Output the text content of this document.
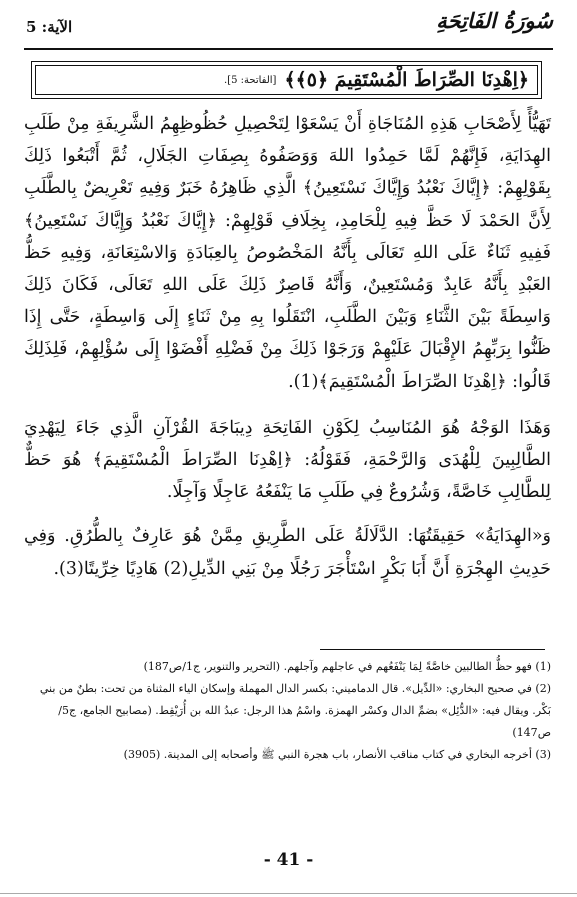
سُورَةُ الفَاتِحَةِ
الآية: 5
﴿اِهْدِنَا الصِّرَاطَ الْمُسْتَقِيمَ ﴿٥﴾﴾
[الفاتحة: 5].

تَهَيُّأً لِأَصْحَابِ هَذِهِ المُنَاجَاةِ أَنْ يَسْعَوْا لِتَحْصِيلِ حُظُوظِهِمُ الشَّرِيفَةِ مِنْ طَلَبِ الهِدَايَةِ، فَإِنَّهُمْ لَمَّا حَمِدُوا اللهَ وَوَصَفُوهُ بِصِفَاتِ الجَلَالِ، ثُمَّ أَتْبَعُوا ذَلِكَ بِقَوْلِهِمْ: ﴿إِيَّاكَ نَعْبُدُ وَإِيَّاكَ نَسْتَعِينُ﴾ الَّذِي ظَاهِرُهُ خَبَرٌ وَفِيهِ تَعْرِيضٌ بِالطَّلَبِ لِأَنَّ الحَمْدَ لَا حَظَّ فِيهِ لِلْحَامِدِ، بِخِلَافِ قَوْلِهِمْ: ﴿إِيَّاكَ نَعْبُدُ وَإِيَّاكَ نَسْتَعِينُ﴾ فَفِيهِ ثَنَاءٌ عَلَى اللهِ تَعَالَى بِأَنَّهُ المَخْصُوصُ بِالعِبَادَةِ وَالاسْتِعَانَةِ، وَفِيهِ حَظُّ العَبْدِ بِأَنَّهُ عَابِدٌ وَمُسْتَعِينٌ، وَأَنَّهُ قَاصِرٌ ذَلِكَ عَلَى اللهِ تَعَالَى، فَكَانَ ذَلِكَ وَاسِطَةً بَيْنَ الثَّنَاءِ وَبَيْنَ الطَّلَبِ، انْتَقَلُوا بِهِ مِنْ ثَنَاءٍ إِلَى وَاسِطَةٍ، حَتَّى إِذَا ظَنُّوا بِرَبِّهِمُ الإِقْبَالَ عَلَيْهِمْ وَرَجَوْا ذَلِكَ مِنْ فَضْلِهِ أَفْضَوْا إِلَى سُؤْلِهِمْ، فَلِذَلِكَ قَالُوا: ﴿اِهْدِنَا الصِّرَاطَ الْمُسْتَقِيمَ﴾(1).

وَهَذَا الوَجْهُ هُوَ المُنَاسِبُ لِكَوْنِ الفَاتِحَةِ دِيبَاجَةَ القُرْآنِ الَّذِي جَاءَ لِيَهْدِيَ الطَّالِبِينَ لِلْهُدَى وَالرَّحْمَةِ، فَقَوْلُهُ: ﴿اِهْدِنَا الصِّرَاطَ الْمُسْتَقِيمَ﴾ هُوَ حَظٌّ لِلطَّالِبِ خَاصَّةً، وَشُرُوعٌ فِي طَلَبِ مَا يَنْفَعُهُ عَاجِلًا وَآجِلًا.

وَ«الهِدَايَةُ» حَقِيقَتُهَا: الدَّلَالَةُ عَلَى الطَّرِيقِ مِمَّنْ هُوَ عَارِفٌ بِالطُّرُقِ. وَفِي حَدِيثِ الهِجْرَةِ أَنَّ أَبَا بَكْرٍ اسْتَأْجَرَ رَجُلًا مِنْ بَنِي الدِّيلِ(2) هَادِيًا خِرِّيتًا(3).

(1) فهو حظُّ الطالبين خاصَّةً لِمَا يَنْفَعُهم في عاجلهم وآجلهم. (التحرير والتنوير، ج1/ص187)

(2) في صحيح البخاري: «الدِّيل». قال الدماميني: بكسر الدال المهملة وإسكان الياء المثناة من تحت: بطنٌ من بني بَكْر. ويقال فيه: «الدُّئِل» بضمِّ الدال وكسْر الهمزة. واسْمُ هذا الرجل: عبدُ الله بن أُرَيْقِط. (مصابيح الجامع، ج5/ص147)

(3) أخرجه البخاري في كتاب مناقب الأنصار، باب هجرة النبي ﷺ وأصحابه إلى المدينة. (3905)

- 41 -
